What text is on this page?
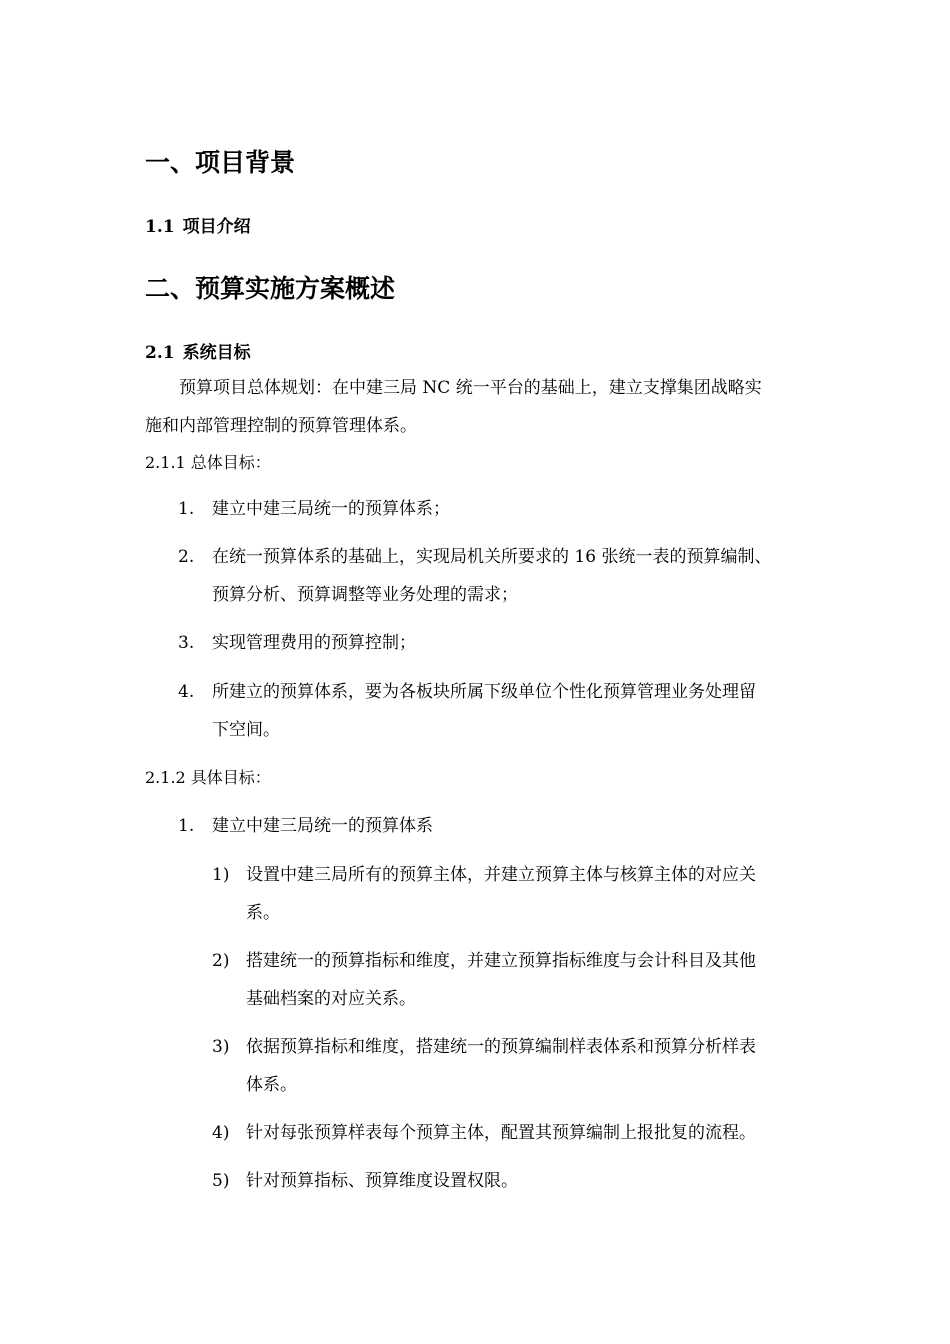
一、项目背景
1.1 项目介绍
二、预算实施方案概述
2.1 系统目标
预算项目总体规划：在中建三局 NC 统一平台的基础上，建立支撑集团战略实
施和内部管理控制的预算管理体系。
2.1.1 总体目标：
1. 建立中建三局统一的预算体系；
2. 在统一预算体系的基础上，实现局机关所要求的 16 张统一表的预算编制、
预算分析、预算调整等业务处理的需求；
3. 实现管理费用的预算控制；
4. 所建立的预算体系，要为各板块所属下级单位个性化预算管理业务处理留
下空间。
2.1.2 具体目标：
1. 建立中建三局统一的预算体系
1) 设置中建三局所有的预算主体，并建立预算主体与核算主体的对应关
系。
2) 搭建统一的预算指标和维度，并建立预算指标维度与会计科目及其他
基础档案的对应关系。
3) 依据预算指标和维度，搭建统一的预算编制样表体系和预算分析样表
体系。
4) 针对每张预算样表每个预算主体，配置其预算编制上报批复的流程。
5) 针对预算指标、预算维度设置权限。
